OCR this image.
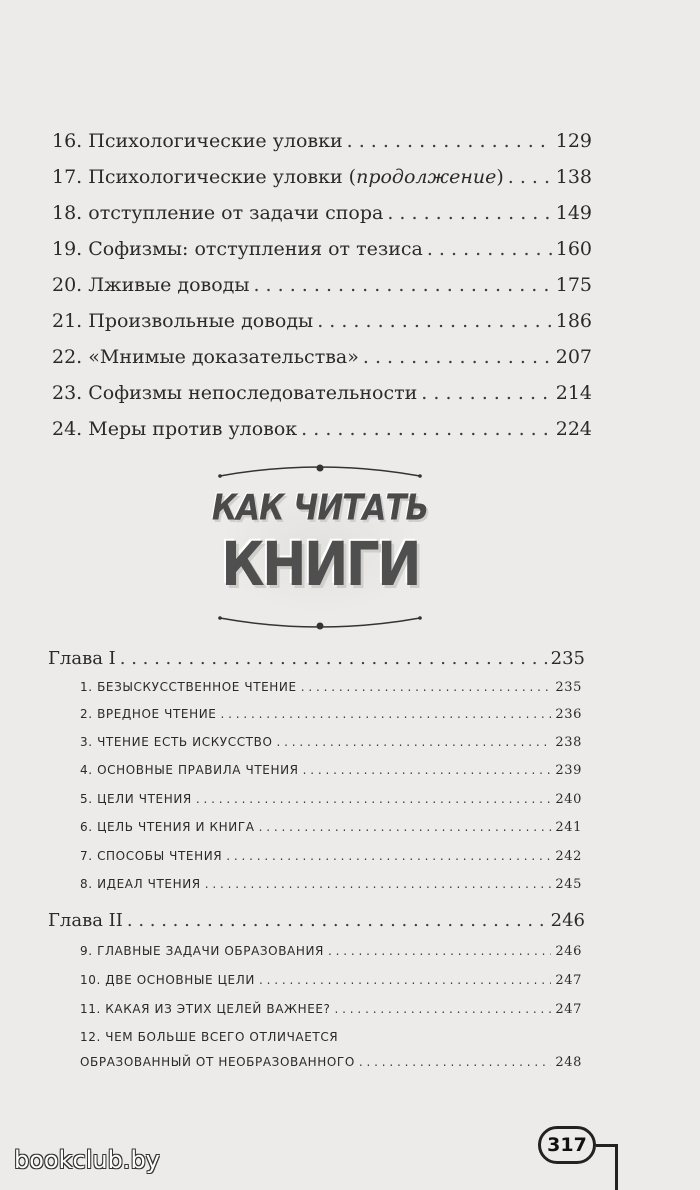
16. Психологические уловки . . .	129
17. Психологические уловки (продолжение) . . .	138
18. отступление от задачи спора . . .	149
19. Софизмы: отступления от тезиса . . .	160
20. Лживые доводы . . .	175
21. Произвольные доводы . . .	186
22. «Мнимые доказательства» . . .	207
23. Софизмы непоследовательности . . .	214
24. Меры против уловок . . .	224
КАК ЧИТАТЬ
КНИГИ
Глава I . . .	235
1. БЕЗЫСКУССТВЕННОЕ ЧТЕНИЕ . . .	235
2. ВРЕДНОЕ ЧТЕНИЕ . . .	236
3. ЧТЕНИЕ ЕСТЬ ИСКУССТВО . . .	238
4. ОСНОВНЫЕ ПРАВИЛА ЧТЕНИЯ . . .	239
5. ЦЕЛИ ЧТЕНИЯ . . .	240
6. ЦЕЛЬ ЧТЕНИЯ И КНИГА . . .	241
7. СПОСОБЫ ЧТЕНИЯ . . .	242
8. ИДЕАЛ ЧТЕНИЯ . . .	245
Глава II . . .	246
9. ГЛАВНЫЕ ЗАДАЧИ ОБРАЗОВАНИЯ . . .	246
10. ДВЕ ОСНОВНЫЕ ЦЕЛИ . . .	247
11. КАКАЯ ИЗ ЭТИХ ЦЕЛЕЙ ВАЖНЕЕ? . . .	247
12. ЧЕМ БОЛЬШЕ ВСЕГО ОТЛИЧАЕТСЯ
ОБРАЗОВАННЫЙ ОТ НЕОБРАЗОВАННОГО . . .	248
317
bookclub.by
